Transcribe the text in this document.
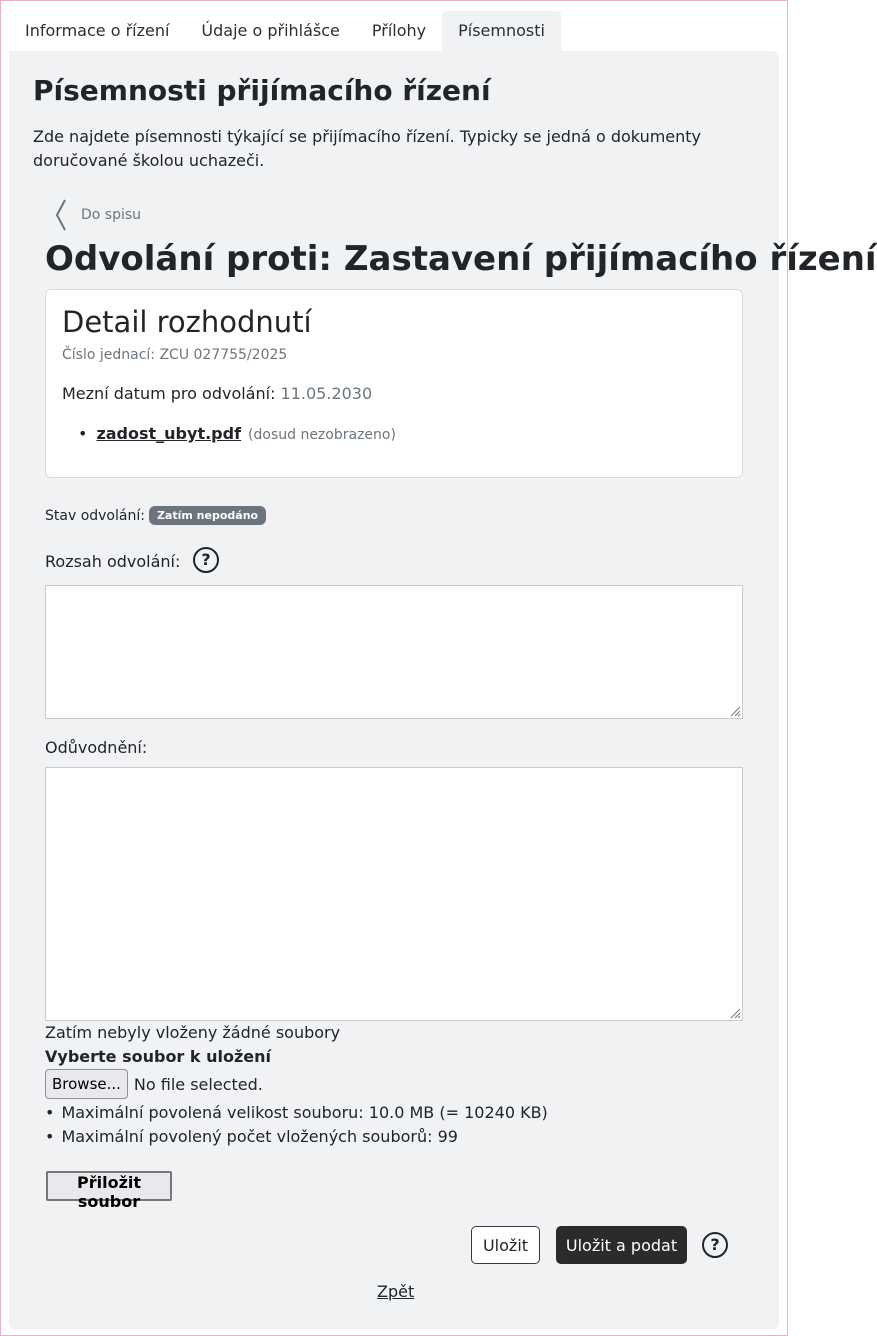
Informace o řízení	Údaje o přihlášce	Přílohy	Písemnosti
Písemnosti přijímacího řízení

Zde najdete písemnosti týkající se přijímacího řízení. Typicky se jedná o dokumenty doručované školou uchazeči.

Do spisu
Odvolání proti: Zastavení přijímacího řízení
Detail rozhodnutí
Číslo jednací: ZCU 027755/2025
Mezní datum pro odvolání: 11.05.2030
• zadost_ubyt.pdf (dosud nezobrazeno)
Stav odvolání:	Zatím nepodáno
Rozsah odvolání:	?
Odůvodnění:
Zatím nebyly vloženy žádné soubory
Vyberte soubor k uložení
Browse... No file selected.
• Maximální povolená velikost souboru: 10.0 MB (= 10240 KB)
• Maximální povolený počet vložených souborů: 99
Přiložit soubor
Uložit	Uložit a podat	?
Zpět
